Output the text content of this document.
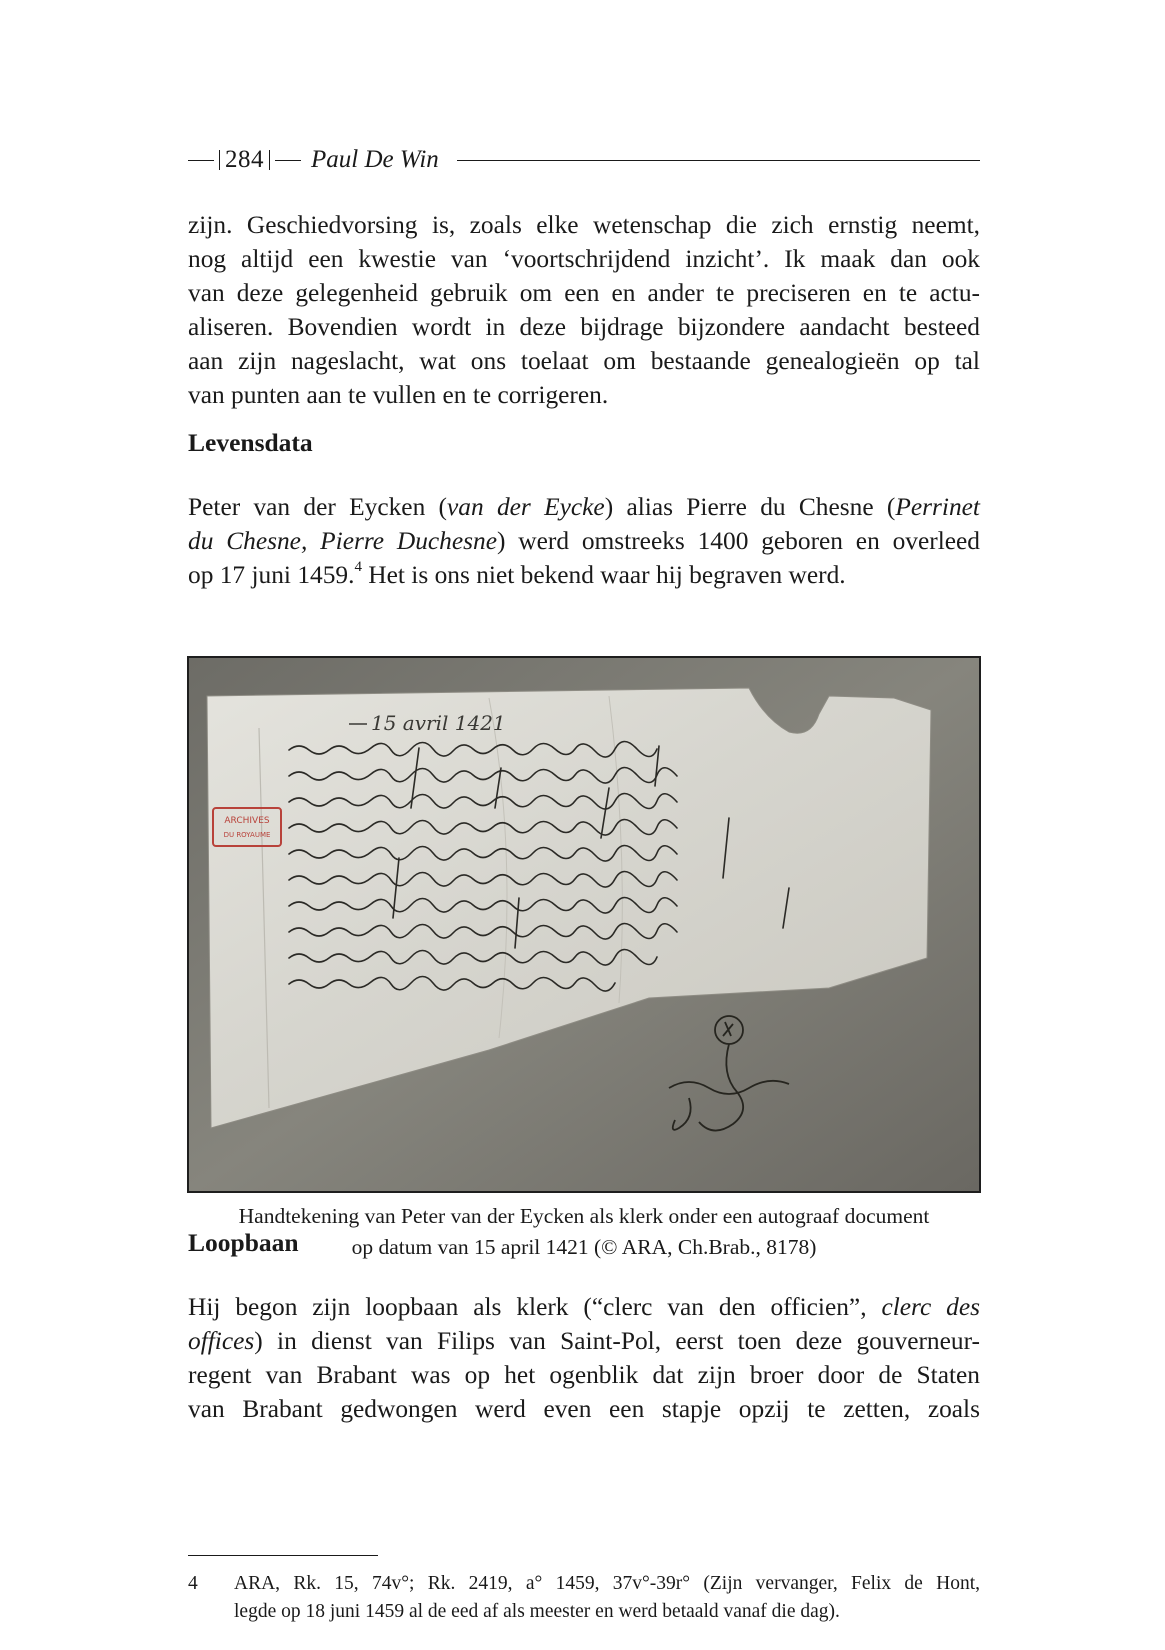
284 Paul De Win
zijn. Geschiedvorsing is, zoals elke wetenschap die zich ernstig neemt,
nog altijd een kwestie van ‘voortschrijdend inzicht’. Ik maak dan ook
van deze gelegenheid gebruik om een en ander te preciseren en te actu-
aliseren. Bovendien wordt in deze bijdrage bijzondere aandacht besteed
aan zijn nageslacht, wat ons toelaat om bestaande genealogieën op tal
van punten aan te vullen en te corrigeren.
Levensdata
Peter van der Eycken (van der Eycke) alias Pierre du Chesne (Perrinet
du Chesne, Pierre Duchesne) werd omstreeks 1400 geboren en overleed
op 17 juni 1459.$^4$ Het is ons niet bekend waar hij begraven werd.
15 avril 1421
ARCHIVES
DU ROYAUME
Handtekening van Peter van der Eycken als klerk onder een autograaf document
op datum van 15 april 1421 (© ARA, Ch.Brab., 8178)
Loopbaan
Hij begon zijn loopbaan als klerk (“clerc van den officien”, clerc des
offices) in dienst van Filips van Saint-Pol, eerst toen deze gouverneur-
regent van Brabant was op het ogenblik dat zijn broer door de Staten
van Brabant gedwongen werd even een stapje opzij te zetten, zoals
4 ARA, Rk. 15, 74v°; Rk. 2419, a° 1459, 37v°-39r° (Zijn vervanger, Felix de Hont,
legde op 18 juni 1459 al de eed af als meester en werd betaald vanaf die dag).
